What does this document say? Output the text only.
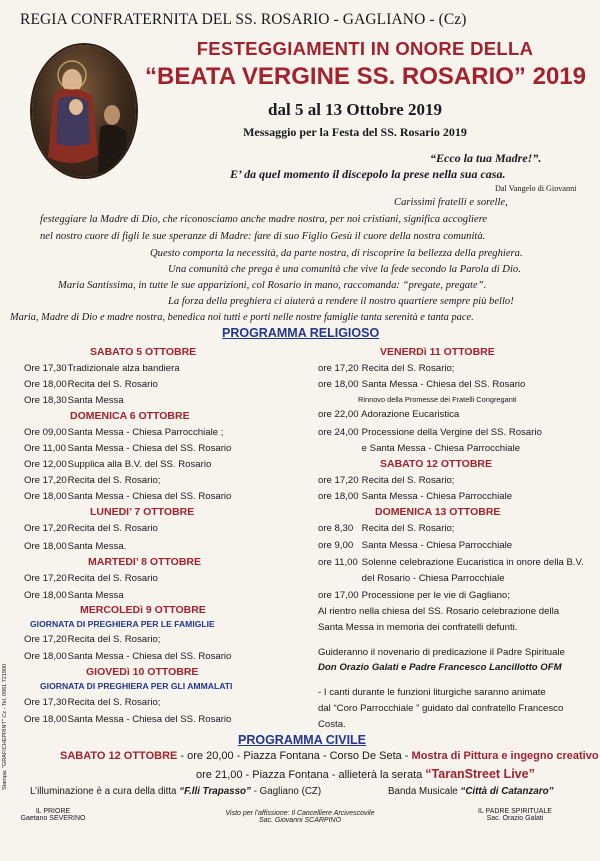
REGIA CONFRATERNITA DEL SS. ROSARIO - GAGLIANO - (Cz)
FESTEGGIAMENTI IN ONORE DELLA
“BEATA VERGINE SS. ROSARIO” 2019
dal 5 al 13 Ottobre 2019
Messaggio per la Festa del SS. Rosario 2019
“Ecco la tua Madre!”.
E’ da quel momento il discepolo la prese nella sua casa.
Dal Vangelo di Giovanni
Carissimi fratelli e sorelle,
festeggiare la Madre di Dio, che riconosciamo anche madre nostra, per noi cristiani, significa accogliere
nel nostro cuore di figli le sue speranze di Madre: fare di suo Figlio Gesù il cuore della nostra comunità.
Questo comporta la necessità, da parte nostra, di riscoprire la bellezza della preghiera.
Una comunità che prega è una comunità che vive la fede secondo la Parola di Dio.
Maria Santissima, in tutte le sue apparizioni, col Rosario in mano, raccomanda: “pregate, pregate”.
La forza della preghiera ci aiuterà a rendere il nostro quartiere sempre più bello!
Maria, Madre di Dio e madre nostra, benedica noi tutti e porti nelle nostre famiglie tanta serenità e tanta pace.
PROGRAMMA RELIGIOSO
SABATO 5 OTTOBRE
Ore 17,30 Tradizionale alza bandiera
Ore 18,00 Recita del S. Rosario
Ore 18,30 Santa Messa
DOMENICA 6 OTTOBRE
Ore 09,00 Santa Messa - Chiesa Parrocchiale ;
Ore 11,00 Santa Messa - Chiesa del SS. Rosario
Ore 12,00 Supplica alla B.V. del SS. Rosario
Ore 17,20 Recita del S. Rosario;
Ore 18,00 Santa Messa - Chiesa del SS. Rosario
LUNEDI’ 7 OTTOBRE
Ore 17,20 Recita del S. Rosario
Ore 18,00 Santa Messa.
MARTEDI’ 8 OTTOBRE
Ore 17,20 Recita del S. Rosario
Ore 18,00 Santa Messa
MERCOLEDì 9 OTTOBRE
GIORNATA DI PREGHIERA PER LE FAMIGLIE
Ore 17,20 Recita del S. Rosario;
Ore 18,00 Santa Messa - Chiesa del SS. Rosario
GIOVEDì 10 OTTOBRE
GIORNATA DI PREGHIERA PER GLI AMMALATI
Ore 17,30 Recita del S. Rosario;
Ore 18,00 Santa Messa - Chiesa del SS. Rosario
VENERDì 11 OTTOBRE
ore 17,20 Recita del S. Rosario;
ore 18,00 Santa Messa - Chiesa del SS. Rosario
Rinnovo della Promesse dei Fratelli Congreganti
ore 22,00 Adorazione Eucaristica
ore 24,00 Processione della Vergine del SS. Rosario
e Santa Messa - Chiesa Parrocchiale
SABATO 12 OTTOBRE
ore 17,20 Recita del S. Rosario;
ore 18,00 Santa Messa - Chiesa Parrocchiale
DOMENICA 13 OTTOBRE
ore 8,30 Recita del S. Rosario;
ore 9,00 Santa Messa - Chiesa Parrocchiale
ore 11,00 Solenne celebrazione Eucaristica in onore della B.V.
del Rosario - Chiesa Parrocchiale
ore 17,00 Processione per le vie di Gagliano;
Al rientro nella chiesa del SS. Rosario celebrazione della
Santa Messa in memoria dei confratelli defunti.
Guideranno il novenario di predicazione il Padre Spirituale
Don Orazio Galati e Padre Francesco Lancillotto OFM
- I canti durante le funzioni liturgiche saranno animate
dal “Coro Parrocchiale ” guidato dal confratello Francesco
Costa.
PROGRAMMA CIVILE
SABATO 12 OTTOBRE - ore 20,00 - Piazza Fontana - Corso De Seta - Mostra di Pittura e ingegno creativo
ore 21,00 - Piazza Fontana - allieterà la serata “TaranStreet Live”
L’illuminazione è a cura della ditta “F.lli Trapasso” - Gagliano (CZ)	Banda Musicale “Città di Catanzaro”
IL PRIORE
Gaetano SEVERINO
Visto per l’affissione: Il Cancelliere Arcivescovile
Sac. Giovanni SCARPINO
IL PADRE SPIRITUALE
Sac. Orazio Galati
Stampa: "GRAFICHEPRINT" Cz - Tel. 0961 721900
